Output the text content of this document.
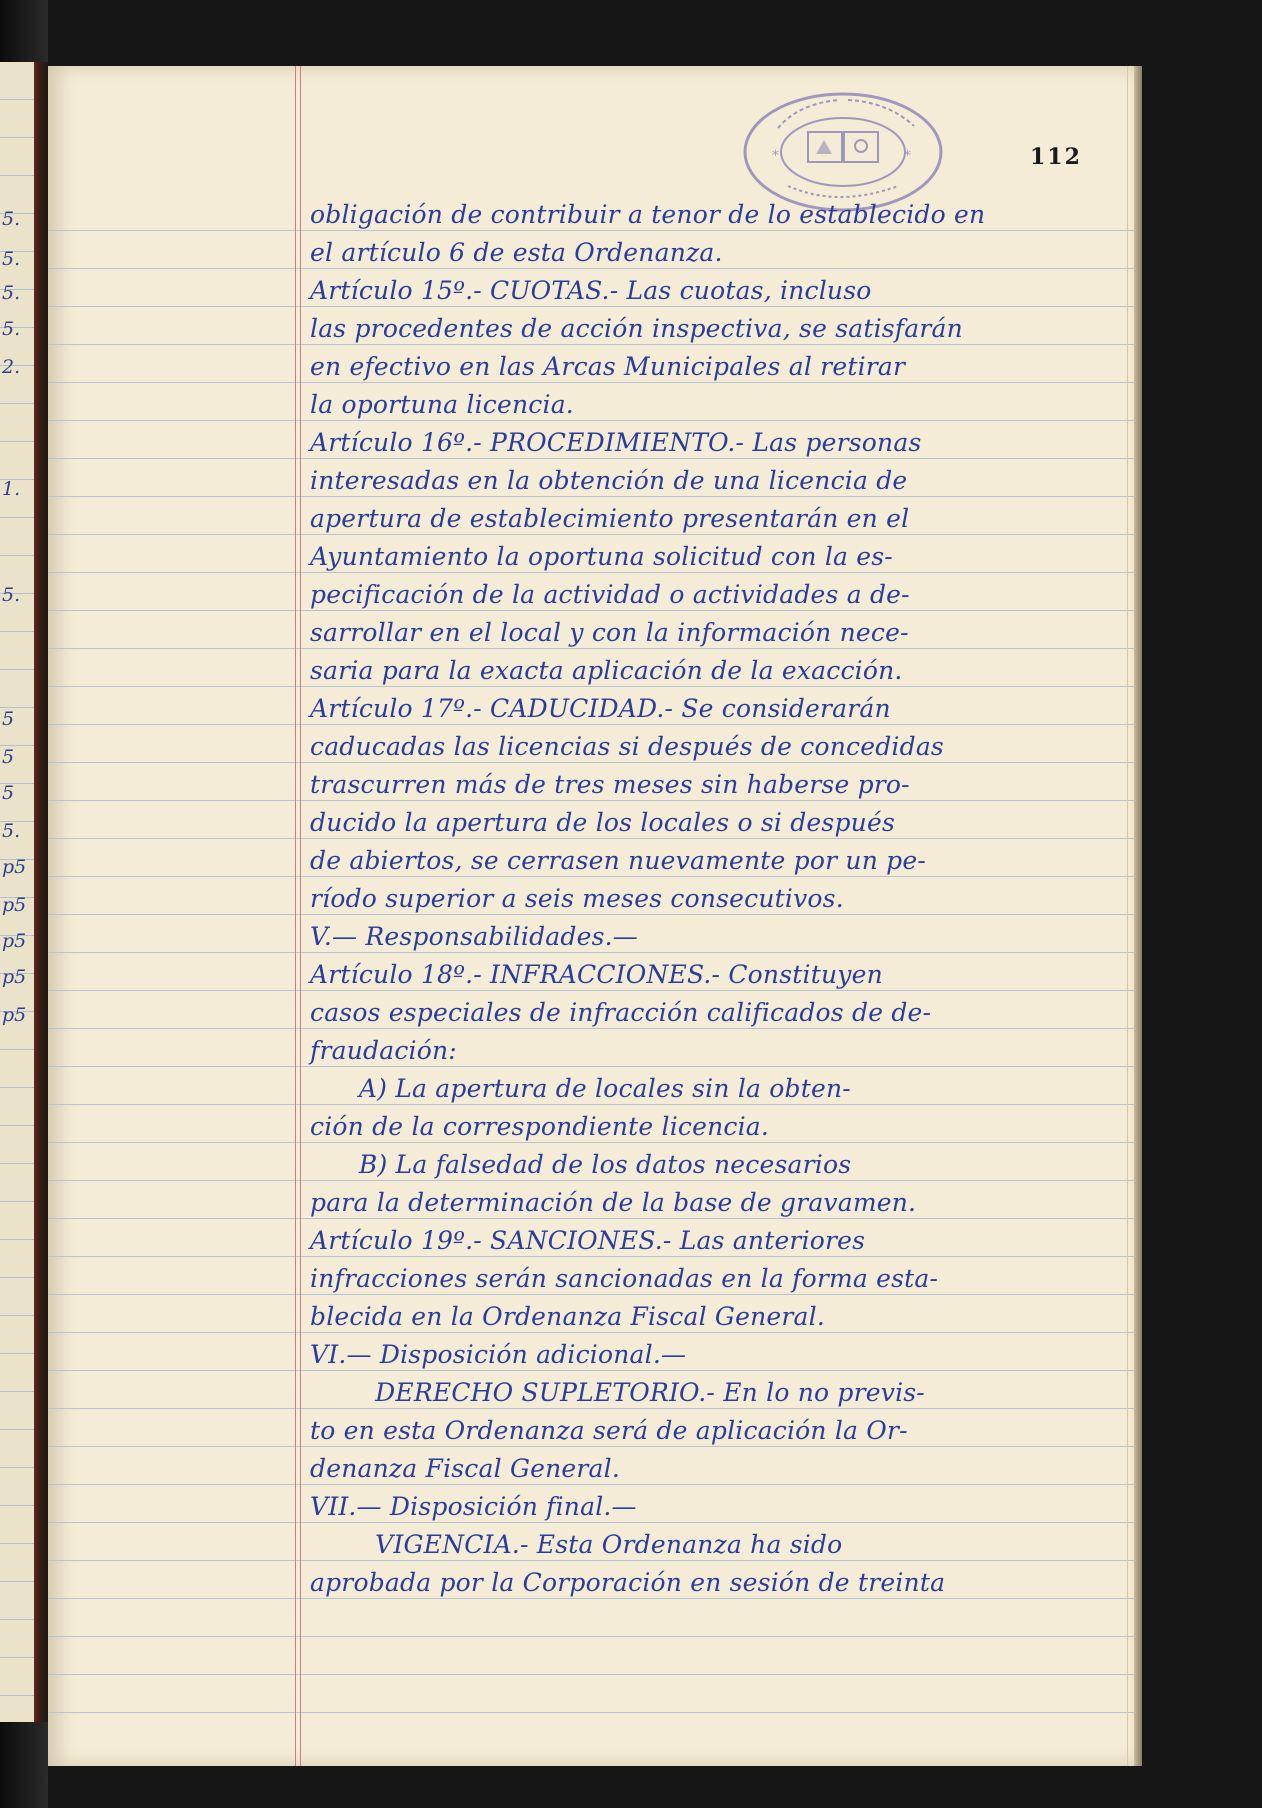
5.
5.
5.
5.
2.
1.
5.
5
5
5
5.
p5
p5
p5
p5
p5
*	*	112
obligación de contribuir a tenor de lo establecido en
el artículo 6 de esta Ordenanza.
Artículo 15º.- CUOTAS.- Las cuotas, incluso
las procedentes de acción inspectiva, se satisfarán
en efectivo en las Arcas Municipales al retirar
la oportuna licencia.
Artículo 16º.- PROCEDIMIENTO.- Las personas
interesadas en la obtención de una licencia de
apertura de establecimiento presentarán en el
Ayuntamiento la oportuna solicitud con la es-
pecificación de la actividad o actividades a de-
sarrollar en el local y con la información nece-
saria para la exacta aplicación de la exacción.
Artículo 17º.- CADUCIDAD.- Se considerarán
caducadas las licencias si después de concedidas
trascurren más de tres meses sin haberse pro-
ducido la apertura de los locales o si después
de abiertos, se cerrasen nuevamente por un pe-
ríodo superior a seis meses consecutivos.
V.— Responsabilidades.—
Artículo 18º.- INFRACCIONES.- Constituyen
casos especiales de infracción calificados de de-
fraudación:
A) La apertura de locales sin la obten-
ción de la correspondiente licencia.
B) La falsedad de los datos necesarios
para la determinación de la base de gravamen.
Artículo 19º.- SANCIONES.- Las anteriores
infracciones serán sancionadas en la forma esta-
blecida en la Ordenanza Fiscal General.
VI.— Disposición adicional.—
DERECHO SUPLETORIO.- En lo no previs-
to en esta Ordenanza será de aplicación la Or-
denanza Fiscal General.
VII.— Disposición final.—
VIGENCIA.- Esta Ordenanza ha sido
aprobada por la Corporación en sesión de treinta
